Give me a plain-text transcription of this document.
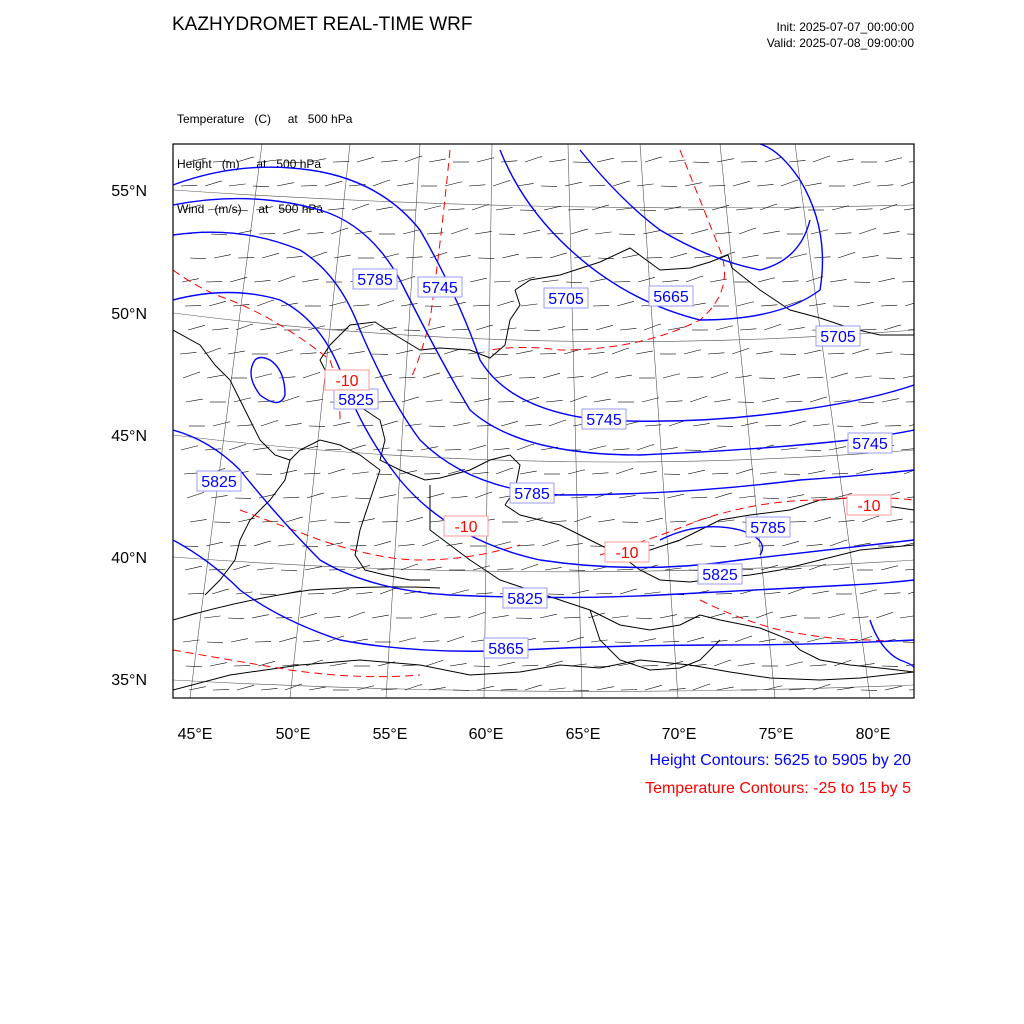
KAZHYDROMET REAL-TIME WRF	Init: 2025-07-07_00:00:00
Valid: 2025-07-08_09:00:00

Temperature   (C)     at   500 hPa

Height   (m)     at   500 hPa

Wind   (m/s)     at   500 hPa

5785 5745
5705	5665
5705
5825
5745
5745
5825
5785
5785
5825
5825
5865
-10
-10
-10
-10
55°N
50°N
45°N
40°N
35°N
45°E	50°E	55°E	60°E	65°E	70°E	75°E	80°E
Height Contours: 5625 to 5905 by 20
Temperature Contours: -25 to 15 by 5
